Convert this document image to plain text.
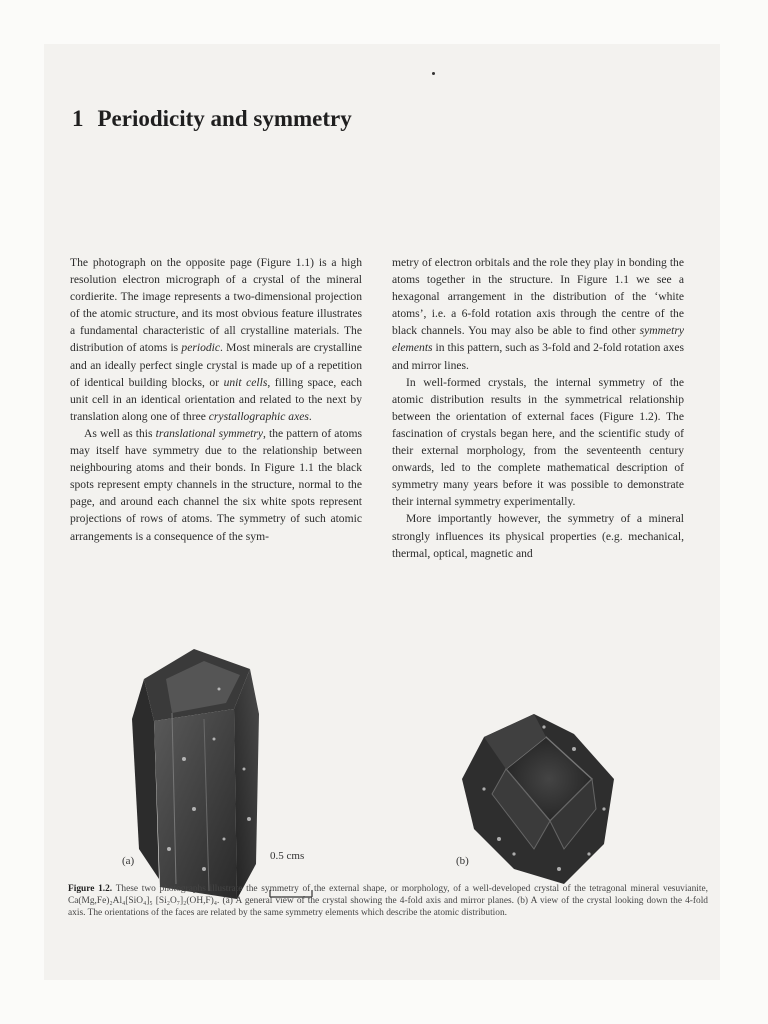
1 Periodicity and symmetry

The photograph on the opposite page (Figure 1.1) is a high resolution electron micrograph of a crystal of the mineral cordierite. The image represents a two-dimensional projection of the atomic structure, and its most obvious feature illustrates a fundamental characteristic of all crystalline materials. The distribution of atoms is periodic. Most minerals are crystalline and an ideally perfect single crystal is made up of a repetition of identical building blocks, or unit cells, filling space, each unit cell in an identical orientation and related to the next by translation along one of three crystallographic axes.

As well as this translational symmetry, the pattern of atoms may itself have symmetry due to the relationship between neighbouring atoms and their bonds. In Figure 1.1 the black spots represent empty channels in the structure, normal to the page, and around each channel the six white spots represent projections of rows of atoms. The symmetry of such atomic arrangements is a consequence of the sym-

metry of electron orbitals and the role they play in bonding the atoms together in the structure. In Figure 1.1 we see a hexagonal arrangement in the distribution of the ‘white atoms’, i.e. a 6-fold rotation axis through the centre of the black channels. You may also be able to find other symmetry elements in this pattern, such as 3-fold and 2-fold rotation axes and mirror lines.

In well-formed crystals, the internal symmetry of the atomic distribution results in the symmetrical relationship between the orientation of external faces (Figure 1.2). The fascination of crystals began here, and the scientific study of their external morphology, from the seventeenth century onwards, led to the complete mathematical description of symmetry many years before it was possible to demonstrate their internal symmetry experimentally.

More importantly however, the symmetry of a mineral strongly influences its physical properties (e.g. mechanical, thermal, optical, magnetic and

(a)	0.5 cms	(b)

Figure 1.2. These two photographs illustrate the symmetry of the external shape, or morphology, of a well-developed crystal of the tetragonal mineral vesuvianite, Ca(Mg,Fe)₂Al₄[SiO₄]₅ [Si₂O₇]₂(OH,F)₄. (a) A general view of the crystal showing the 4-fold axis and mirror planes. (b) A view of the crystal looking down the 4-fold axis. The orientations of the faces are related by the same symmetry elements which describe the atomic distribution.
